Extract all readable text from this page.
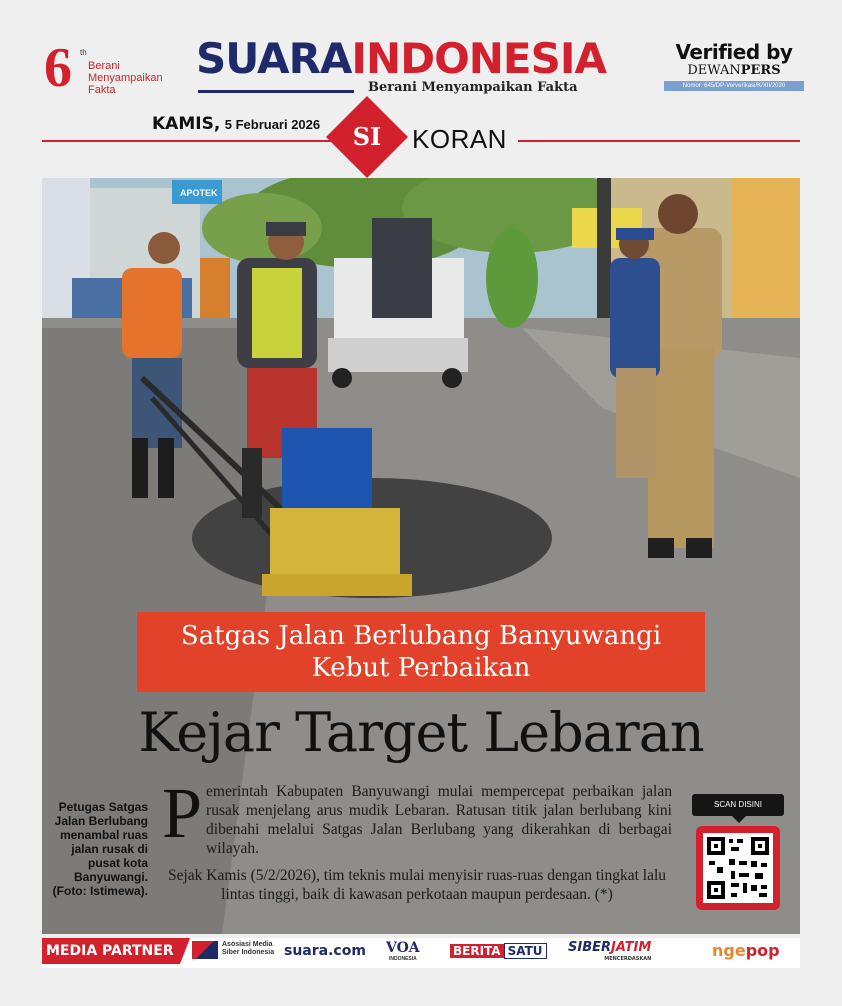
6 th
Berani
Menyampaikan
Fakta
SUARAINDONESIA
Berani Menyampaikan Fakta
Verified by
DEWANPERS
Nomor: 645/DP-Ververikasi/K/XII/2020
KAMIS, 5 Februari 2026	SI	KORAN
APOTEK
Satgas Jalan Berlubang Banyuwangi
Kebut Perbaikan
Kejar Target Lebaran
Petugas Satgas Jalan Berlubang menambal ruas jalan rusak di pusat kota Banyuwangi. (Foto: Istimewa).

Pemerintah Kabupaten Banyuwangi mulai mempercepat perbaikan jalan rusak menjelang arus mudik Lebaran. Ratusan titik jalan berlubang kini dibenahi melalui Satgas Jalan Berlubang yang dikerahkan di berbagai wilayah.

Sejak Kamis (5/2/2026), tim teknis mulai menyisir ruas-ruas dengan tingkat lalu lintas tinggi, baik di kawasan perkotaan maupun perdesaan. (*)

SCAN DISINI
MEDIA PARTNER	Asosiasi Media Siber Indonesia suara.com VOA
INDONESIA
BERITA SATU	SIBERJATIM
MENCERDASKAN	ngepop
